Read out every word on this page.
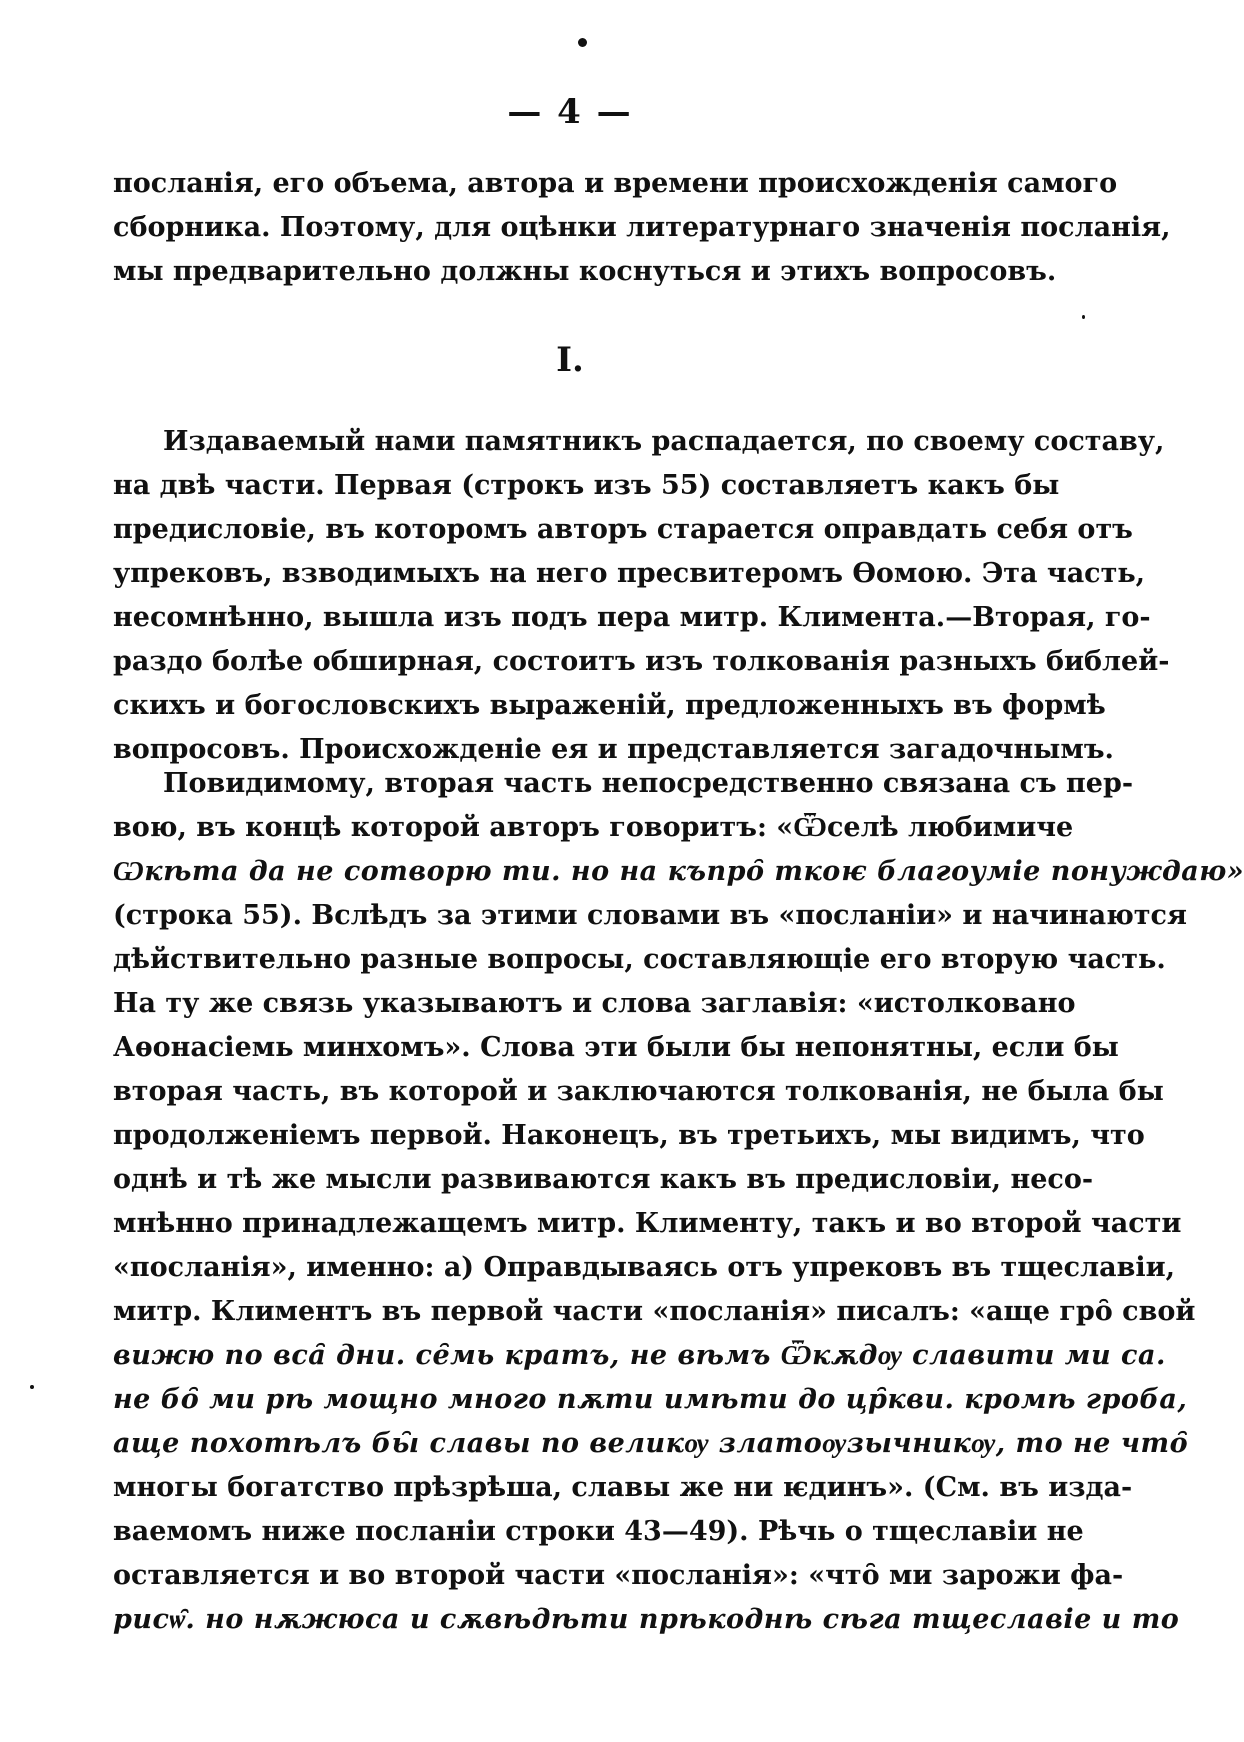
— 4 —
посланія, его объема, автора и времени происхожденія самого
сборника. Поэтому, для оцѣнки литературнаго значенія посланія,
мы предварительно должны коснуться и этихъ вопросовъ.
I.
Издаваемый нами памятникъ распадается, по своему составу,
на двѣ части. Первая (строкъ изъ 55) составляетъ какъ бы
предисловіе, въ которомъ авторъ старается оправдать себя отъ
упрековъ, взводимыхъ на него пресвитеромъ Ѳомою. Эта часть,
несомнѣнно, вышла изъ подъ пера митр. Климента.—Вторая, го-
раздо болѣе обширная, состоитъ изъ толкованія разныхъ библей-
скихъ и богословскихъ выраженій, предложенныхъ въ формѣ
вопросовъ. Происхожденіе ея и представляется загадочнымъ.
Повидимому, вторая часть непосредственно связана съ пер-
вою, въ концѣ которой авторъ говоритъ: «Ѿселѣ любимиче
Ѡкѣта да не сотворю ти. но на къпро̑ ткоѥ благоуміе понуждаю»
(строка 55). Вслѣдъ за этими словами въ «посланіи» и начинаются
дѣйствительно разные вопросы, составляющіе его вторую часть.
На ту же связь указываютъ и слова заглавія: «истолковано
Аѳонасіемь минхомъ». Слова эти были бы непонятны, если бы
вторая часть, въ которой и заключаются толкованія, не была бы
продолженіемъ первой. Наконецъ, въ третьихъ, мы видимъ, что
однѣ и тѣ же мысли развиваются какъ въ предисловіи, несо-
мнѣнно принадлежащемъ митр. Клименту, такъ и во второй части
«посланія», именно: а) Оправдываясь отъ упрековъ въ тщеславіи,
митр. Климентъ въ первой части «посланія» писалъ: «аще гро̑ свой
вижю по вса̑ дни. се̑мь кратъ, не вѣмъ Ѿкѫдѹ славити ми са.
не бо̑ ми рѣ мощно много пѫти имѣти до цр̑кви. кромѣ гроба,
аще похотѣлъ бы̑ славы по великѹ златоѹзычникѹ, то не что̑
многы богатство прѣзрѣша, славы же ни ѥдинъ». (См. въ изда-
ваемомъ ниже посланіи строки 43—49). Рѣчь о тщеславіи не
оставляется и во второй части «посланія»: «что̑ ми зарожи фа-
рисѡ̑. но нѫжюса и сѫвѣдѣти прѣкоднѣ сѣга тщеславіе и то
